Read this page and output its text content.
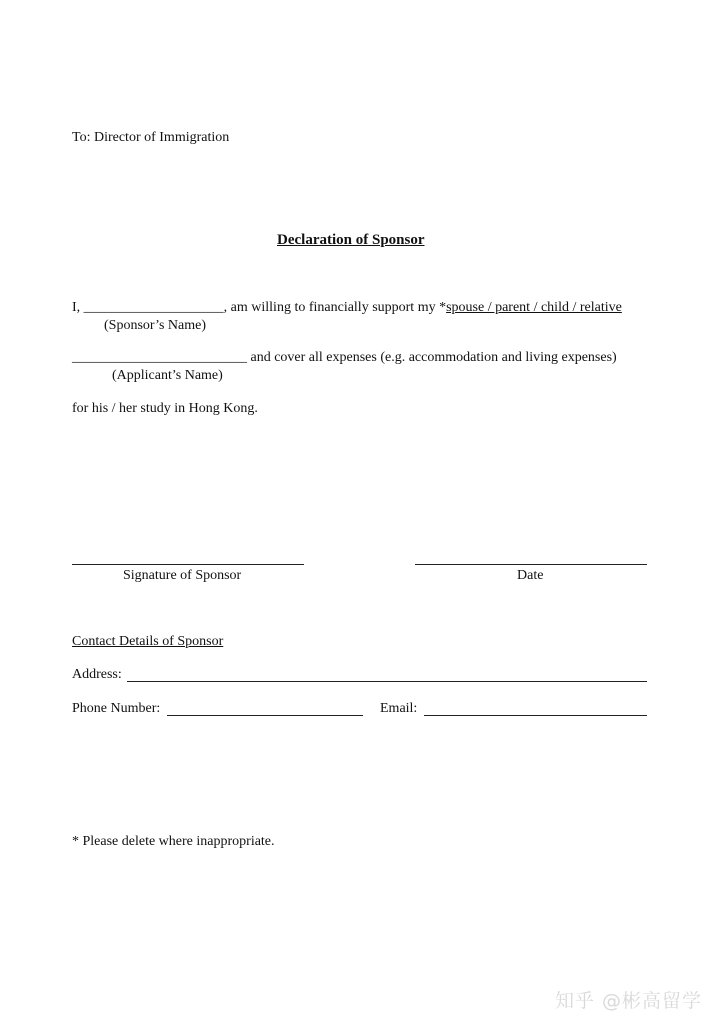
To: Director of Immigration
Declaration of Sponsor
I, ____________________, am willing to financially support my *spouse / parent / child / relative
(Sponsor’s Name)
_________________________ and cover all expenses (e.g. accommodation and living expenses)
(Applicant’s Name)
for his / her study in Hong Kong.
Signature of Sponsor	Date
Contact Details of Sponsor
Address:
Phone Number:	Email:
* Please delete where inappropriate.
知乎 @彬高留学
